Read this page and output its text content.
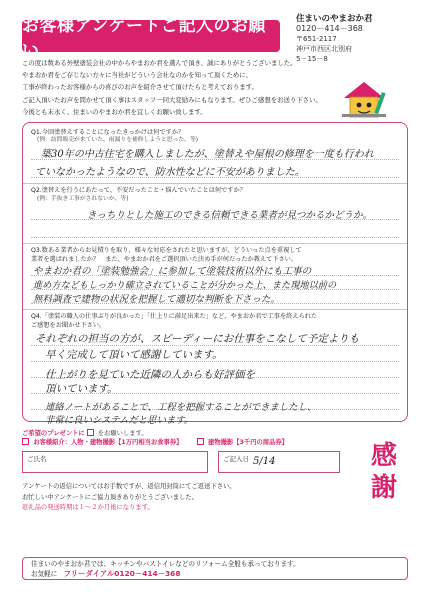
お客様アンケートご記入のお願い
住まいのやまおか君
0120－414－368
〒651-2117
神戸市西区北別府
5－15－8

この度は数ある外壁塗装会社の中からやまおか君を選んで頂き、誠にありがとうございました。

やまおか君をご存じない方々に当社がどういう会社なのかを知って頂くために、

工事が終わったお客様からの喜びのお声を紹介させて頂けたらと考えております。

ご記入頂いたお声を間かせて頂く事はスタッフ一同大変励みにもなります。ぜひご感想をお送り下さい。

今後とも末永く、住まいのやまおか君を宜しくお願い致します。

Q1.今回塗替えすることになったきっかけは何ですか？
(例：訪問販売が来ていた、雨漏りを補修しようと思った、等)
築30年の中古住宅を購入しましたが、塗替えや屋根の修理を一度も行われ
ていなかったようなので、防水性などに不安がありました。
Q2.塗替えを行うにあたって、不安だったこと・悩んでいたことは何ですか？
(例：手抜き工事がされないか、等)
きっちりとした施工のできる信頼できる業者が見つかるかどうか。
Q3.数ある業者からお見積りを取り、様々な対応をされたと思いますが、どういった点を重視して
業者を選ばれましたか？　また、やまおか君をご選択頂いた決め手が何だったか教えて下さい。
やまおか君の「塗装勉強会」に参加して塗装技術以外にも工事の
進め方などもしっかり確立されていることが分かった上、また現地以前の
無料調査で建物の状況を把握して適切な判断を下さった。
Q4.「塗装の職人の仕事ぶりが良かった」「仕上りに満足出来た」など、やまおか君で工事を終えられた
ご感想をお聞かせ下さい。
それぞれの担当の方が、スピーディーにお仕事をこなして予定よりも
早く完成して頂いて感謝しています。
仕上がりを見ていた近隣の人からも好評価を
頂いています。
連絡ノートがあることで、工程を把握することができましたし、
非常に良いシステムだと思います。
ご希望のプレゼントに をお願いします。
お客様紹介：人物・建物撮影【1万円相当お食事券】	建物撮影【3千円の商品券】
ご氏名	ご記入日 5/14
アンケートの返信についてはお手数ですが、返信用封筒にてご返送下さい。
お忙しい中アンケートにご協力頂きありがとうございました。
返礼品の発送時期は１～２か月後になります。
感
謝
住まいのやまおか君では、キッチンやバストイレなどのリフォーム全般も承っております。
お気軽に フリーダイアル0120－414－368
